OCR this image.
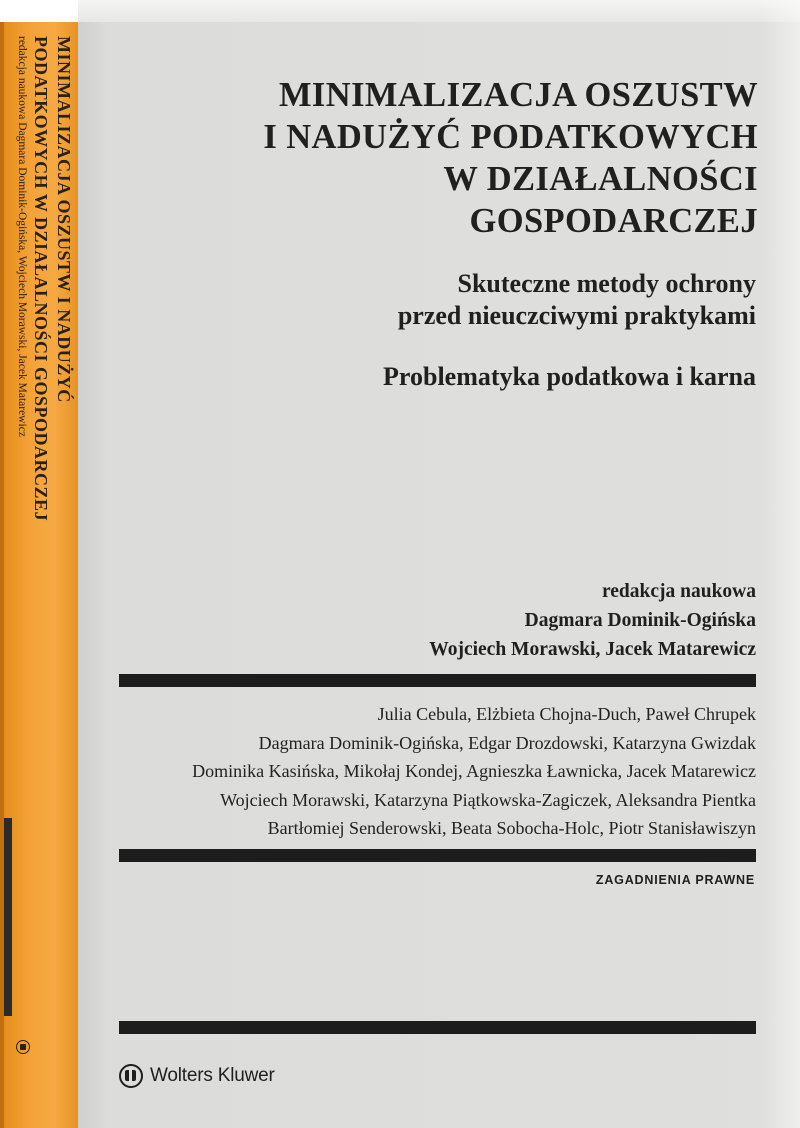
MINIMALIZACJA OSZUSTW I NADUŻYĆ
PODATKOWYCH W DZIAŁALNOŚCI GOSPODARCZEJ
redakcja naukowa Dagmara Dominik-Ogińska, Wojciech Morawski, Jacek Matarewicz	MINIMALIZACJA OSZUSTW
I NADUŻYĆ PODATKOWYCH
W DZIAŁALNOŚCI
GOSPODARCZEJ
Skuteczne metody ochrony
przed nieuczciwymi praktykami
Problematyka podatkowa i karna
redakcja naukowa
Dagmara Dominik-Ogińska
Wojciech Morawski, Jacek Matarewicz
Julia Cebula, Elżbieta Chojna-Duch, Paweł Chrupek
Dagmara Dominik-Ogińska, Edgar Drozdowski, Katarzyna Gwizdak
Dominika Kasińska, Mikołaj Kondej, Agnieszka Ławnicka, Jacek Matarewicz
Wojciech Morawski, Katarzyna Piątkowska-Zagiczek, Aleksandra Pientka
Bartłomiej Senderowski, Beata Sobocha-Holc, Piotr Stanisławiszyn
ZAGADNIENIA PRAWNE
Wolters Kluwer
